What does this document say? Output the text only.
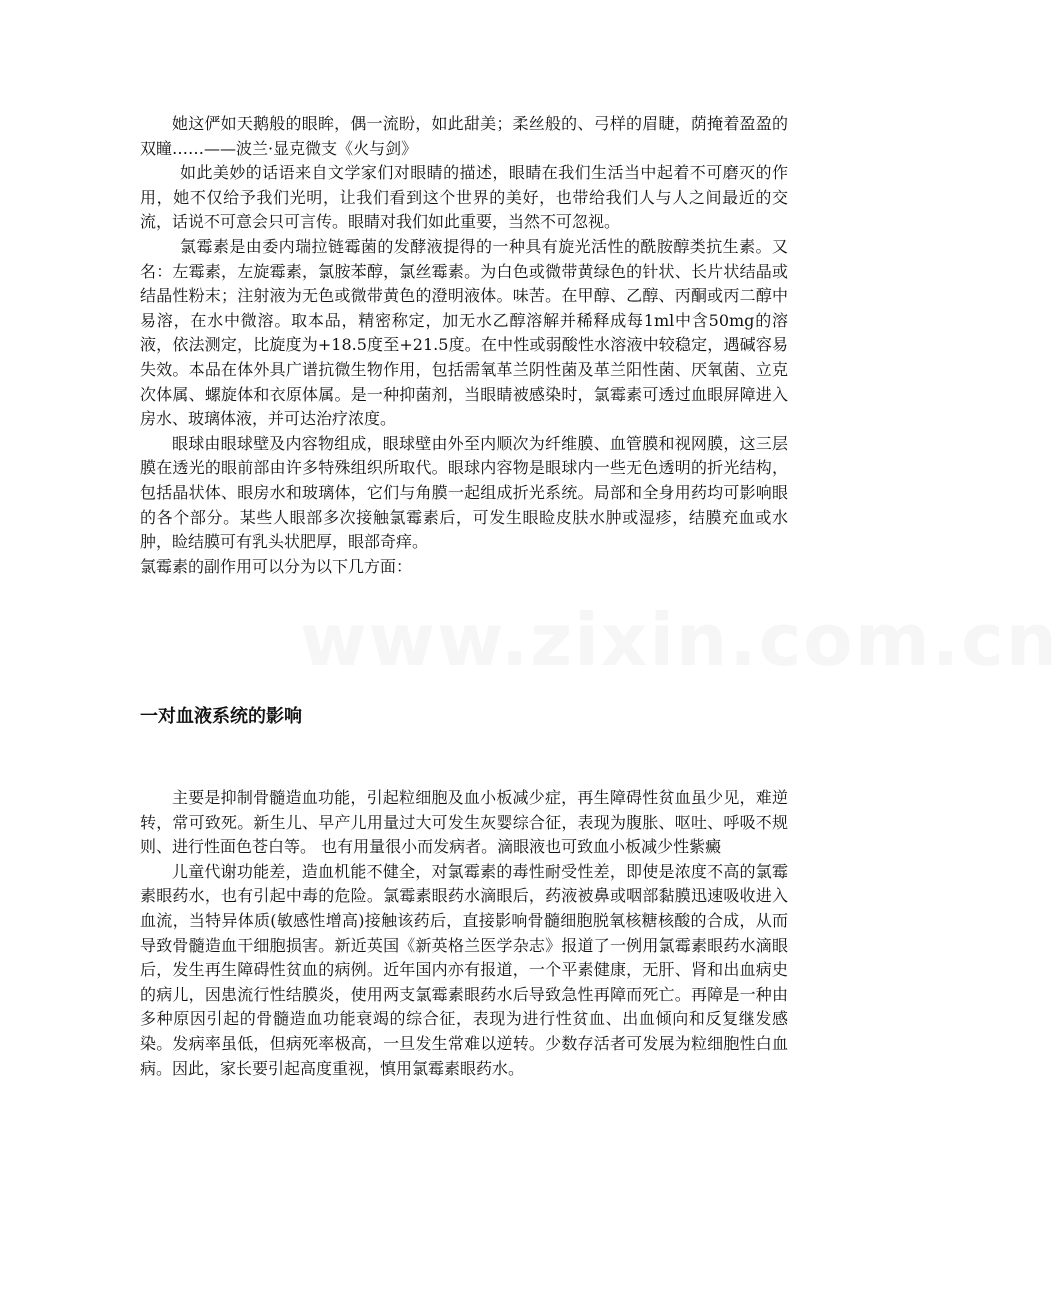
www.zixin.com.cn

她这俨如天鹅般的眼眸，偶一流盼，如此甜美；柔丝般的、弓样的眉睫，荫掩着盈盈的双瞳……——波兰·显克微支《火与剑》

如此美妙的话语来自文学家们对眼睛的描述，眼睛在我们生活当中起着不可磨灭的作用，她不仅给予我们光明，让我们看到这个世界的美好，也带给我们人与人之间最近的交流，话说不可意会只可言传。眼睛对我们如此重要，当然不可忽视。

氯霉素是由委内瑞拉链霉菌的发酵液提得的一种具有旋光活性的酰胺醇类抗生素。又名：左霉素，左旋霉素，氯胺苯醇，氯丝霉素。为白色或微带黄绿色的针状、长片状结晶或结晶性粉末；注射液为无色或微带黄色的澄明液体。味苦。在甲醇、乙醇、丙酮或丙二醇中易溶，在水中微溶。取本品，精密称定，加无水乙醇溶解并稀释成每1ml中含50mg的溶液，依法测定，比旋度为+18.5度至+21.5度。在中性或弱酸性水溶液中较稳定，遇碱容易失效。本品在体外具广谱抗微生物作用，包括需氧革兰阴性菌及革兰阳性菌、厌氧菌、立克次体属、螺旋体和衣原体属。是一种抑菌剂，当眼睛被感染时，氯霉素可透过血眼屏障进入房水、玻璃体液，并可达治疗浓度。

眼球由眼球壁及内容物组成，眼球壁由外至内顺次为纤维膜、血管膜和视网膜，这三层膜在透光的眼前部由许多特殊组织所取代。眼球内容物是眼球内一些无色透明的折光结构，包括晶状体、眼房水和玻璃体，它们与角膜一起组成折光系统。局部和全身用药均可影响眼的各个部分。某些人眼部多次接触氯霉素后，可发生眼睑皮肤水肿或湿疹，结膜充血或水肿，睑结膜可有乳头状肥厚，眼部奇痒。

氯霉素的副作用可以分为以下几方面：

一对血液系统的影响

主要是抑制骨髓造血功能，引起粒细胞及血小板减少症，再生障碍性贫血虽少见，难逆转，常可致死。新生儿、早产儿用量过大可发生灰婴综合征，表现为腹胀、呕吐、呼吸不规则、进行性面色苍白等。 也有用量很小而发病者。滴眼液也可致血小板减少性紫癜

儿童代谢功能差，造血机能不健全，对氯霉素的毒性耐受性差，即使是浓度不高的氯霉素眼药水，也有引起中毒的危险。氯霉素眼药水滴眼后，药液被鼻或咽部黏膜迅速吸收进入血流，当特异体质(敏感性增高)接触该药后，直接影响骨髓细胞脱氧核糖核酸的合成，从而导致骨髓造血干细胞损害。新近英国《新英格兰医学杂志》报道了一例用氯霉素眼药水滴眼后，发生再生障碍性贫血的病例。近年国内亦有报道，一个平素健康，无肝、肾和出血病史的病儿，因患流行性结膜炎，使用两支氯霉素眼药水后导致急性再障而死亡。再障是一种由多种原因引起的骨髓造血功能衰竭的综合征，表现为进行性贫血、出血倾向和反复继发感染。发病率虽低，但病死率极高，一旦发生常难以逆转。少数存活者可发展为粒细胞性白血病。因此，家长要引起高度重视，慎用氯霉素眼药水。
